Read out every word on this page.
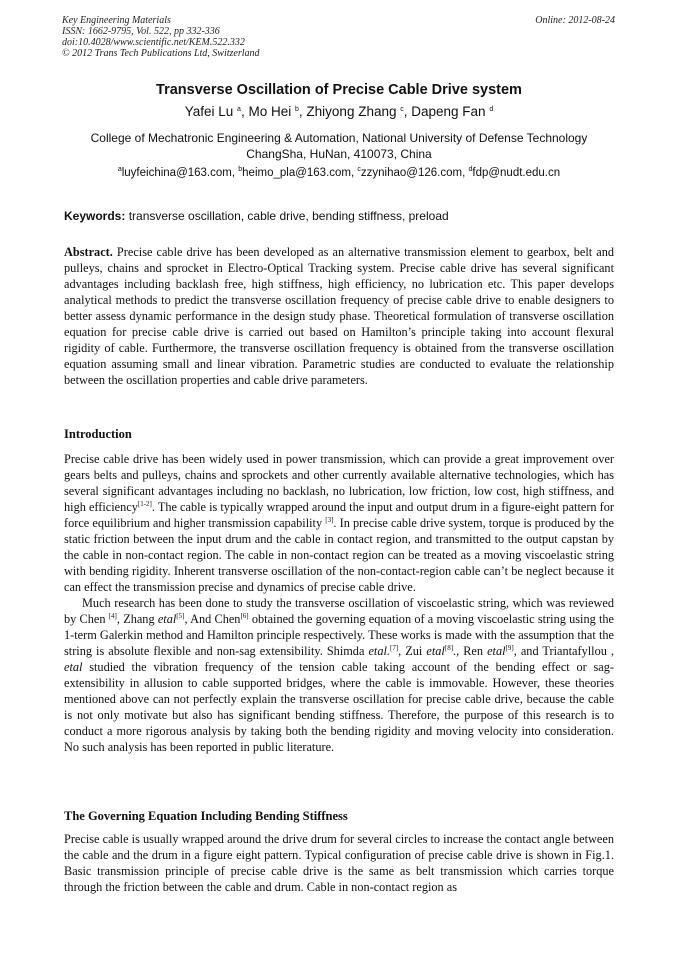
Key Engineering Materials
ISSN: 1662-9795, Vol. 522, pp 332-336
doi:10.4028/www.scientific.net/KEM.522.332
© 2012 Trans Tech Publications Ltd, Switzerland
Online: 2012-08-24
Transverse Oscillation of Precise Cable Drive system
Yafei Lu $^a$, Mo Hei $^b$, Zhiyong Zhang $^c$, Dapeng Fan $^d$
College of Mechatronic Engineering & Automation, National University of Defense Technology
ChangSha, HuNan, 410073, China
$^a$luyfeichina@163.com, $^b$heimo_pla@163.com, $^c$zzynihao@126.com, $^d$fdp@nudt.edu.cn
Keywords: transverse oscillation, cable drive, bending stiffness, preload

Abstract. Precise cable drive has been developed as an alternative transmission element to gearbox, belt and pulleys, chains and sprocket in Electro-Optical Tracking system. Precise cable drive has several significant advantages including backlash free, high stiffness, high efficiency, no lubrication etc. This paper develops analytical methods to predict the transverse oscillation frequency of precise cable drive to enable designers to better assess dynamic performance in the design study phase. Theoretical formulation of transverse oscillation equation for precise cable drive is carried out based on Hamilton’s principle taking into account flexural rigidity of cable. Furthermore, the transverse oscillation frequency is obtained from the transverse oscillation equation assuming small and linear vibration. Parametric studies are conducted to evaluate the relationship between the oscillation properties and cable drive parameters.

Introduction

Precise cable drive has been widely used in power transmission, which can provide a great improvement over gears belts and pulleys, chains and sprockets and other currently available alternative technologies, which has several significant advantages including no backlash, no lubrication, low friction, low cost, high stiffness, and high efficiency[1-2]. The cable is typically wrapped around the input and output drum in a figure-eight pattern for force equilibrium and higher transmission capability [3]. In precise cable drive system, torque is produced by the static friction between the input drum and the cable in contact region, and transmitted to the output capstan by the cable in non-contact region. The cable in non-contact region can be treated as a moving viscoelastic string with bending rigidity. Inherent transverse oscillation of the non-contact-region cable can’t be neglect because it can effect the transmission precise and dynamics of precise cable drive.

Much research has been done to study the transverse oscillation of viscoelastic string, which was reviewed by Chen [4], Zhang etal[5], And Chen[6] obtained the governing equation of a moving viscoelastic string using the 1-term Galerkin method and Hamilton principle respectively. These works is made with the assumption that the string is absolute flexible and non-sag extensibility. Shimda etal.[7], Zui etal[8]., Ren etal[9], and Triantafyllou , etal studied the vibration frequency of the tension cable taking account of the bending effect or sag-extensibility in allusion to cable supported bridges, where the cable is immovable. However, these theories mentioned above can not perfectly explain the transverse oscillation for precise cable drive, because the cable is not only motivate but also has significant bending stiffness. Therefore, the purpose of this research is to conduct a more rigorous analysis by taking both the bending rigidity and moving velocity into consideration. No such analysis has been reported in public literature.

The Governing Equation Including Bending Stiffness

Precise cable is usually wrapped around the drive drum for several circles to increase the contact angle between the cable and the drum in a figure eight pattern. Typical configuration of precise cable drive is shown in Fig.1. Basic transmission principle of precise cable drive is the same as belt transmission which carries torque through the friction between the cable and drum. Cable in non-contact region as
